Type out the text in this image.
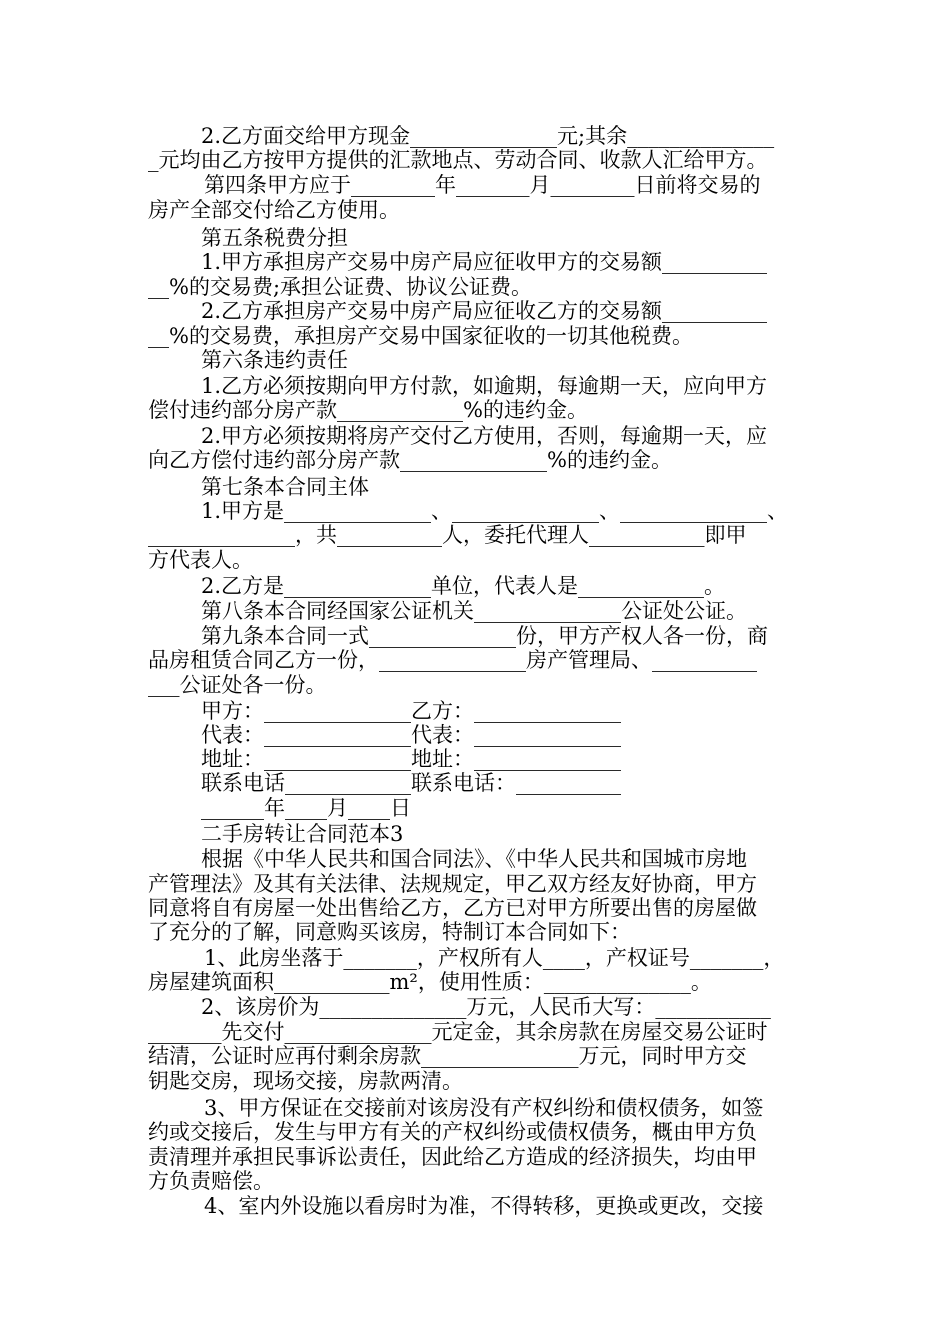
2.乙方面交给甲方现金______________元;其余______________
_元均由乙方按甲方提供的汇款地点、劳动合同、收款人汇给甲方。
第四条甲方应于________年_______月________日前将交易的
房产全部交付给乙方使用。
第五条税费分担
1.甲方承担房产交易中房产局应征收甲方的交易额__________
__%的交易费;承担公证费、协议公证费。
2.乙方承担房产交易中房产局应征收乙方的交易额__________
__%的交易费，承担房产交易中国家征收的一切其他税费。
第六条违约责任
1.乙方必须按期向甲方付款，如逾期，每逾期一天，应向甲方
偿付违约部分房产款____________%的违约金。
2.甲方必须按期将房产交付乙方使用，否则，每逾期一天，应
向乙方偿付违约部分房产款______________%的违约金。
第七条本合同主体
1.甲方是______________、______________、______________、
______________，共__________人，委托代理人___________即甲
方代表人。
2.乙方是______________单位，代表人是____________。
第八条本合同经国家公证机关______________公证处公证。
第九条本合同一式______________份，甲方产权人各一份，商
品房租赁合同乙方一份，______________房产管理局、__________
___公证处各一份。
甲方：______________乙方：______________
代表：______________代表：______________
地址：______________地址：______________
联系电话____________联系电话：__________
______年____月____日
二手房转让合同范本3
根据《中华人民共和国合同法》、《中华人民共和国城市房地
产管理法》及其有关法律、法规规定，甲乙双方经友好协商，甲方
同意将自有房屋一处出售给乙方，乙方已对甲方所要出售的房屋做
了充分的了解，同意购买该房，特制订本合同如下：
1、此房坐落于_______，产权所有人____，产权证号_______，
房屋建筑面积___________m²，使用性质：______________。
2、该房价为______________万元，人民币大写：___________
_______先交付______________元定金，其余房款在房屋交易公证时
结清，公证时应再付剩余房款_______________万元，同时甲方交
钥匙交房，现场交接，房款两清。
3、甲方保证在交接前对该房没有产权纠纷和债权债务，如签
约或交接后，发生与甲方有关的产权纠纷或债权债务，概由甲方负
责清理并承担民事诉讼责任，因此给乙方造成的经济损失，均由甲
方负责赔偿。
4、室内外设施以看房时为准，不得转移，更换或更改，交接
